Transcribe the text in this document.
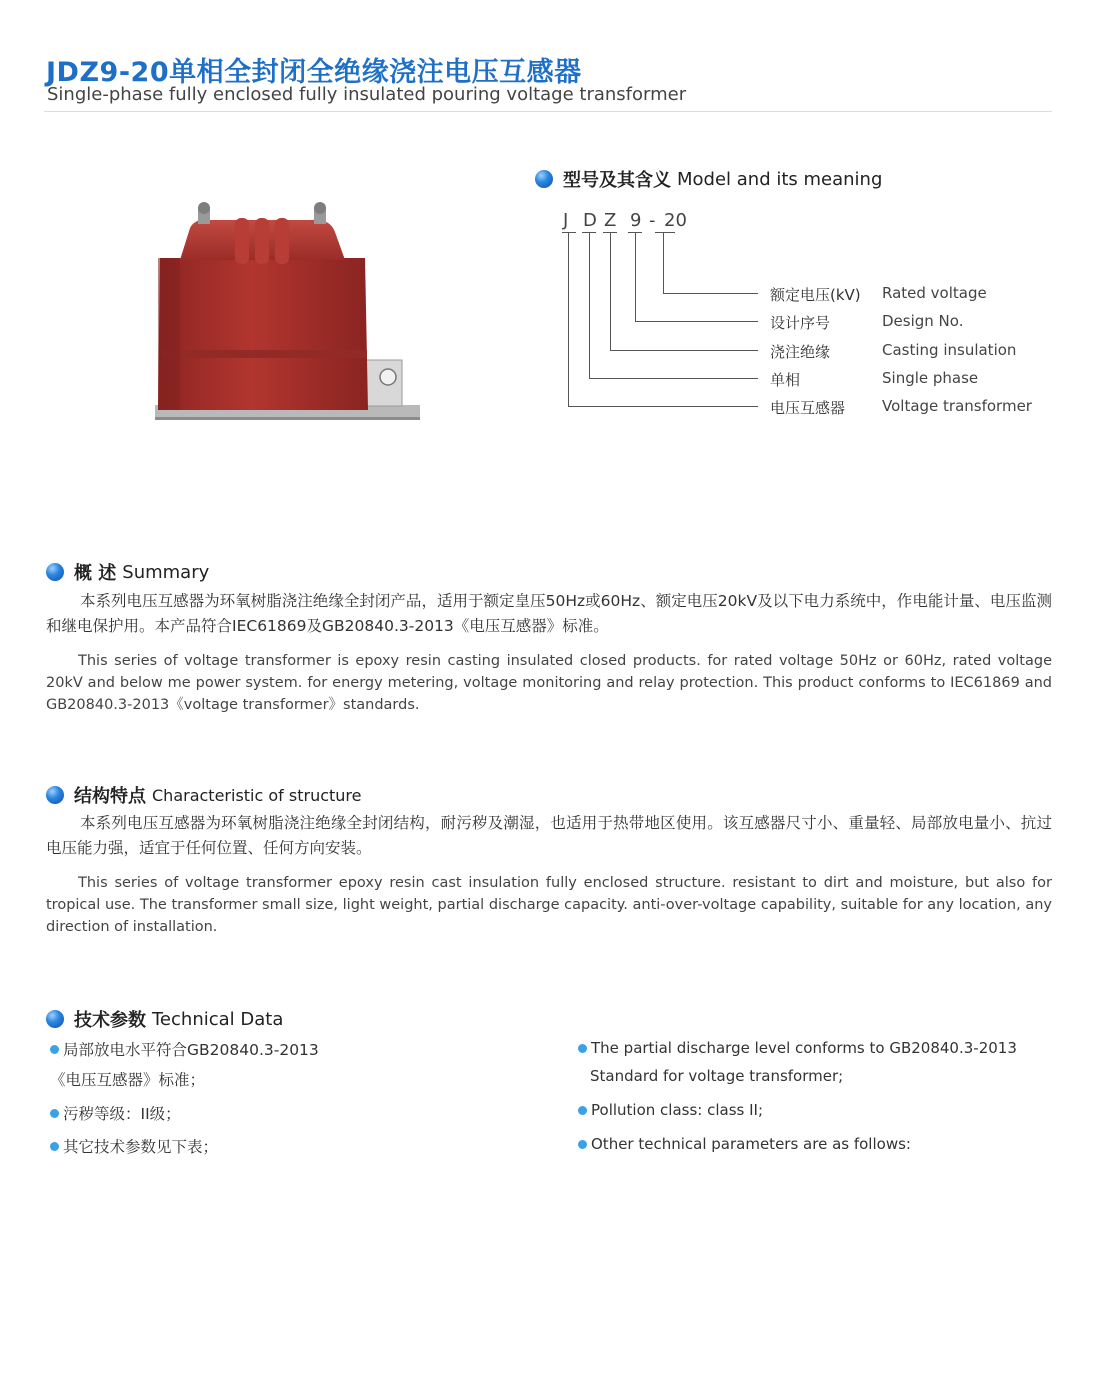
JDZ9-20单相全封闭全绝缘浇注电压互感器
Single-phase fully enclosed fully insulated pouring voltage transformer
型号及其含义 Model and its meaning
J D Z 9 - 20
额定电压(kV) Rated voltage
设计序号	Design No.
浇注绝缘	Casting insulation
单相	Single phase
电压互感器 Voltage transformer
概 述 Summary
本系列电压互感器为环氧树脂浇注绝缘全封闭产品，适用于额定皇压50Hz或60Hz、额定电压20kV及以下电力系统中，作电能计量、电压监测和继电保护用。本产品符合IEC61869及GB20840.3-2013《电压互感器》标准。
This series of voltage transformer is epoxy resin casting insulated closed products. for rated voltage 50Hz or 60Hz, rated voltage 20kV and below me power system. for energy metering, voltage monitoring and relay protection. This product conforms to IEC61869 and GB20840.3-2013《voltage transformer》standards.
结构特点 Characteristic of structure
本系列电压互感器为环氧树脂浇注绝缘全封闭结构，耐污秽及潮湿，也适用于热带地区使用。该互感器尺寸小、重量轻、局部放电量小、抗过电压能力强，适宜于任何位置、任何方向安装。
This series of voltage transformer epoxy resin cast insulation fully enclosed structure. resistant to dirt and moisture, but also for tropical use. The transformer small size, light weight, partial discharge capacity. anti-over-voltage capability, suitable for any location, any direction of installation.
技术参数 Technical Data
局部放电水平符合GB20840.3-2013
《电压互感器》标准；
污秽等级：II级；
其它技术参数见下表；
The partial discharge level conforms to GB20840.3-2013
Standard for voltage transformer;
Pollution class: class II;
Other technical parameters are as follows:
